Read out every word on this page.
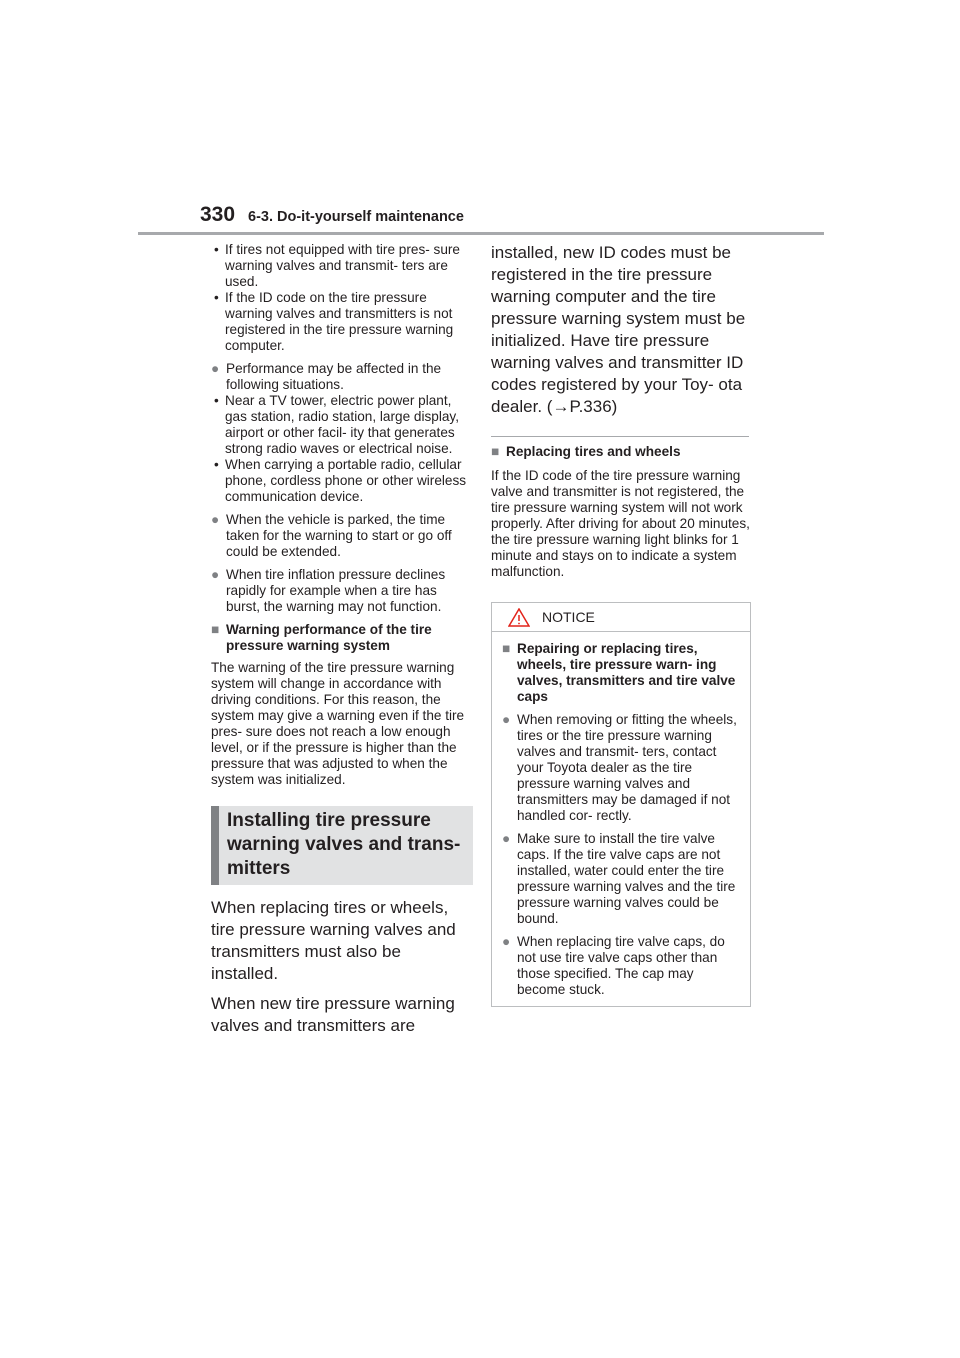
330 6-3. Do-it-yourself maintenance
• If tires not equipped with tire pres- sure warning valves and transmit- ters are used.
• If the ID code on the tire pressure warning valves and transmitters is not registered in the tire pressure warning computer.
● Performance may be affected in the following situations.
• Near a TV tower, electric power plant, gas station, radio station, large display, airport or other facil- ity that generates strong radio waves or electrical noise.
• When carrying a portable radio, cellular phone, cordless phone or other wireless communication device.
● When the vehicle is parked, the time taken for the warning to start or go off could be extended.
● When tire inflation pressure declines rapidly for example when a tire has burst, the warning may not function.
■ Warning performance of the tire pressure warning system
The warning of the tire pressure warning system will change in accordance with driving conditions. For this reason, the system may give a warning even if the tire pres- sure does not reach a low enough level, or if the pressure is higher than the pressure that was adjusted to when the system was initialized.
Installing tire pressure warning valves and trans- mitters
When replacing tires or wheels, tire pressure warning valves and transmitters must also be installed.
When new tire pressure warning valves and transmitters are
installed, new ID codes must be registered in the tire pressure warning computer and the tire pressure warning system must be initialized. Have tire pressure warning valves and transmitter ID codes registered by your Toy- ota dealer. (→P.336)
■ Replacing tires and wheels
If the ID code of the tire pressure warning valve and transmitter is not registered, the tire pressure warning system will not work properly. After driving for about 20 minutes, the tire pressure warning light blinks for 1 minute and stays on to indicate a system malfunction.
NOTICE
■ Repairing or replacing tires, wheels, tire pressure warn- ing valves, transmitters and tire valve caps
● When removing or fitting the wheels, tires or the tire pressure warning valves and transmit- ters, contact your Toyota dealer as the tire pressure warning valves and transmitters may be damaged if not handled cor- rectly.
● Make sure to install the tire valve caps. If the tire valve caps are not installed, water could enter the tire pressure warning valves and the tire pressure warning valves could be bound.
● When replacing tire valve caps, do not use tire valve caps other than those specified. The cap may become stuck.
